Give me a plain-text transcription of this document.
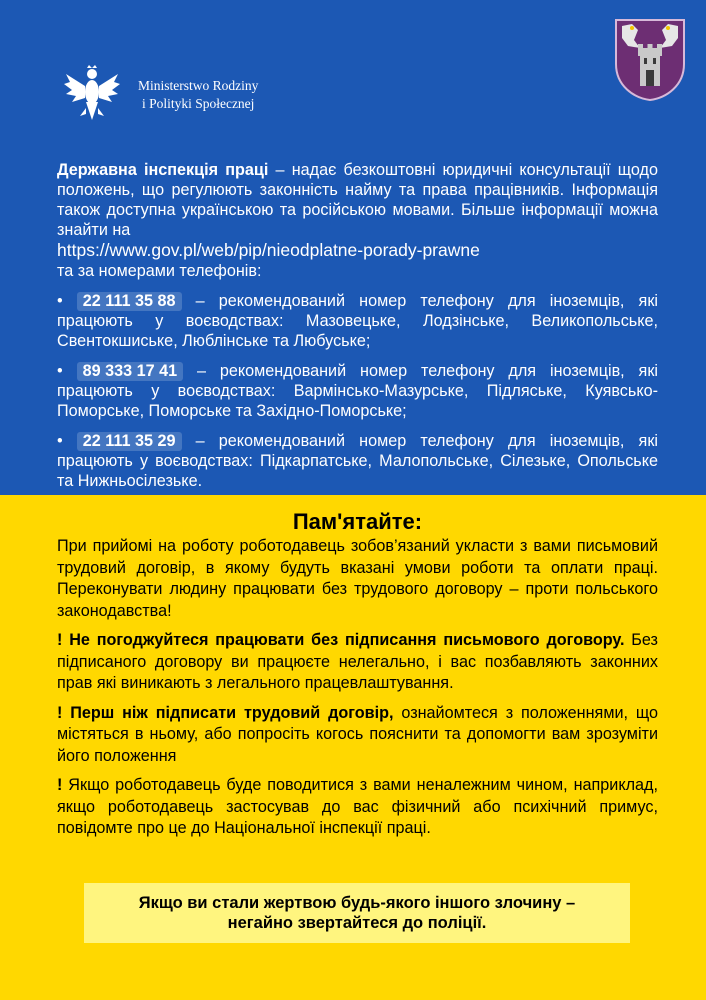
Ministerstwo Rodziny
i Polityki Społecznej

Державна інспекція праці – надає безкоштовні юридичні консультації щодо положень, що регулюють законність найму та права працівників. Інформація також доступна українською та російською мовами. Більше інформації можна знайти на

https://www.gov.pl/web/pip/nieodplatne-porady-prawne
та за номерами телефонів:

• 22 111 35 88 – рекомендований номер телефону для іноземців, які працюють у воєводствах: Мазовецьке, Лодзінське, Великопольське, Свентокшиське, Люблінське та Любуське;

• 89 333 17 41 – рекомендований номер телефону для іноземців, які працюють у воєводствах: Вармінсько-Мазурське, Підляське, Куявсько-Поморське, Поморське та Західно-Поморське;

• 22 111 35 29 – рекомендований номер телефону для іноземців, які працюють у воєводствах: Підкарпатське, Малопольське, Сілезьке, Опольське та Нижньосілезьке.

Пам'ятайте:

При прийомі на роботу роботодавець зобов’язаний укласти з вами письмовий трудовий договір, в якому будуть вказані умови роботи та оплати праці. Переконувати людину працювати без трудового договору – проти польського законодавства!

! Не погоджуйтеся працювати без підписання письмового договору. Без підписаного договору ви працюєте нелегально, і вас позбавляють законних прав які виникають з легального працевлаштування.

! Перш ніж підписати трудовий договір, ознайомтеся з положеннями, що містяться в ньому, або попросіть когось пояснити та допомогти вам зрозуміти його положення

! Якщо роботодавець буде поводитися з вами неналежним чином, наприклад, якщо роботодавець застосував до вас фізичний або психічний примус, повідомте про це до Національної інспекції праці.

Якщо ви стали жертвою будь-якого іншого злочину –
негайно звертайтеся до поліції.
